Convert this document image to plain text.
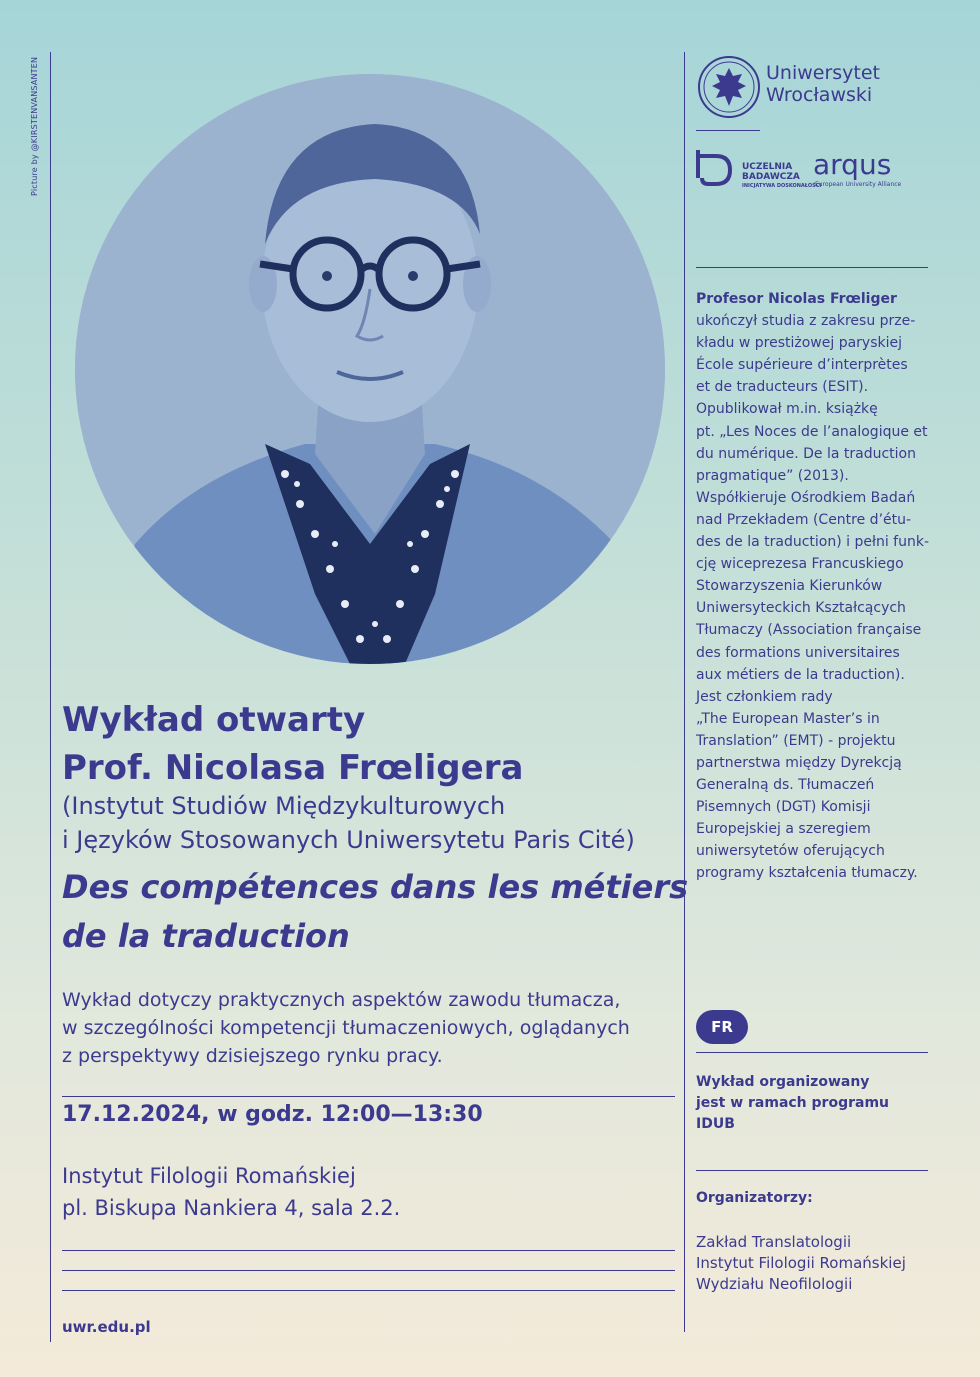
Picture by @KIRSTENVANSANTEN
Wykład otwarty
Prof. Nicolasa Frœligera
(Instytut Studiów Międzykulturowych
i Języków Stosowanych Uniwersytetu Paris Cité)
Des compétences dans les métiers
de la traduction
Wykład dotyczy praktycznych aspektów zawodu tłumacza,
w szczególności kompetencji tłumaczeniowych, oglądanych
z perspektywy dzisiejszego rynku pracy.
17.12.2024, w godz. 12:00—13:30
Instytut Filologii Romańskiej
pl. Biskupa Nankiera 4, sala 2.2.
uwr.edu.pl
Uniwersytet
Wrocławski
UCZELNIA
BADAWCZA
INICJATYWA DOSKONAŁOŚCI
arqus
European University Alliance
Profesor Nicolas Frœliger
ukończył studia z zakresu prze-
kładu w prestiżowej paryskiej
École supérieure d’interprètes
et de traducteurs (ESIT).
Opublikował m.in. książkę
pt. „Les Noces de l’analogique et
du numérique. De la traduction
pragmatique” (2013).
Współkieruje Ośrodkiem Badań
nad Przekładem (Centre d’étu-
des de la traduction) i pełni funk-
cję wiceprezesa Francuskiego
Stowarzyszenia Kierunków
Uniwersyteckich Kształcących
Tłumaczy (Association française
des formations universitaires
aux métiers de la traduction).
Jest członkiem rady
„The European Master’s in
Translation” (EMT) - projektu
partnerstwa między Dyrekcją
Generalną ds. Tłumaczeń
Pisemnych (DGT) Komisji
Europejskiej a szeregiem
uniwersytetów oferujących
programy kształcenia tłumaczy.
FR
Wykład organizowany
jest w ramach programu
IDUB
Organizatorzy:
Zakład Translatologii
Instytut Filologii Romańskiej
Wydziału Neofilologii
